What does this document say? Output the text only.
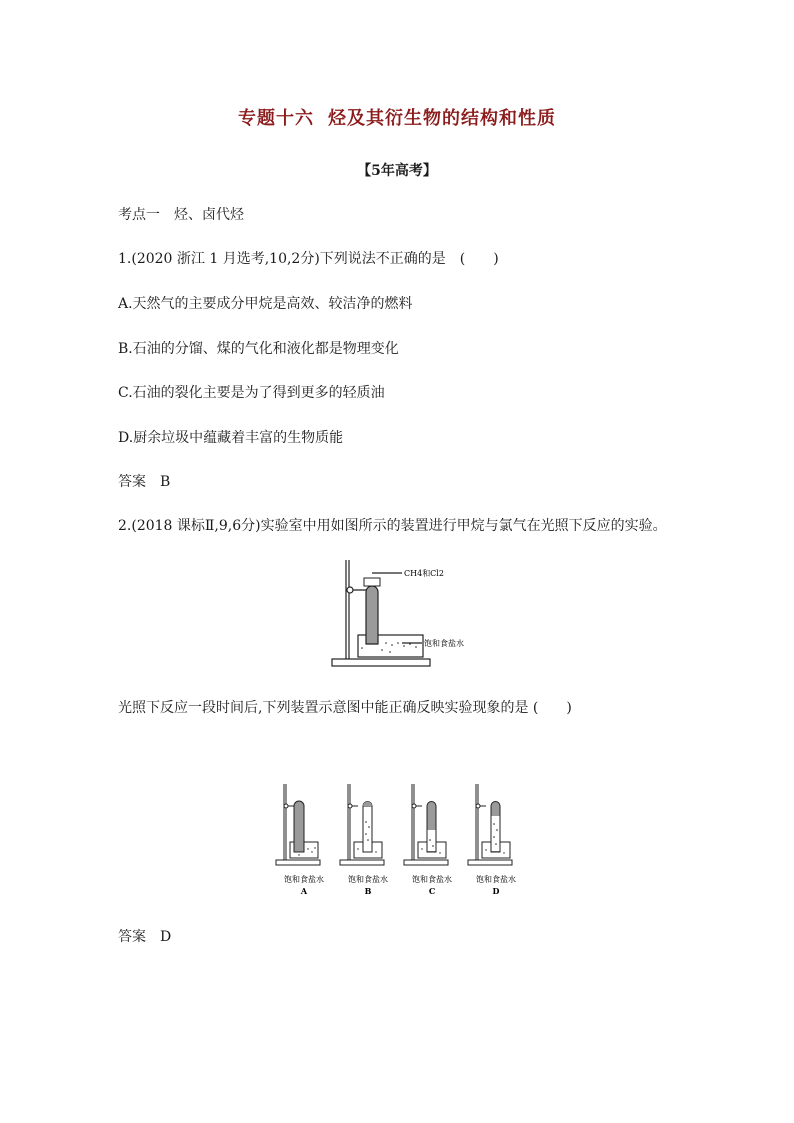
专题十六 烃及其衍生物的结构和性质
【5年高考】
考点一　烃、卤代烃
1.(2020 浙江 1 月选考,10,2分)下列说法不正确的是　(　　)
A.天然气的主要成分甲烷是高效、较洁净的燃料
B.石油的分馏、煤的气化和液化都是物理变化
C.石油的裂化主要是为了得到更多的轻质油
D.厨余垃圾中蕴藏着丰富的生物质能
答案　B
2.(2018 课标Ⅱ,9,6分)实验室中用如图所示的装置进行甲烷与氯气在光照下反应的实验。
CH4和Cl2
饱和食盐水
光照下反应一段时间后,下列装置示意图中能正确反映实验现象的是 (　　)
饱和食盐水
A
饱和食盐水
B
饱和食盐水
C
饱和食盐水
D
答案　D
